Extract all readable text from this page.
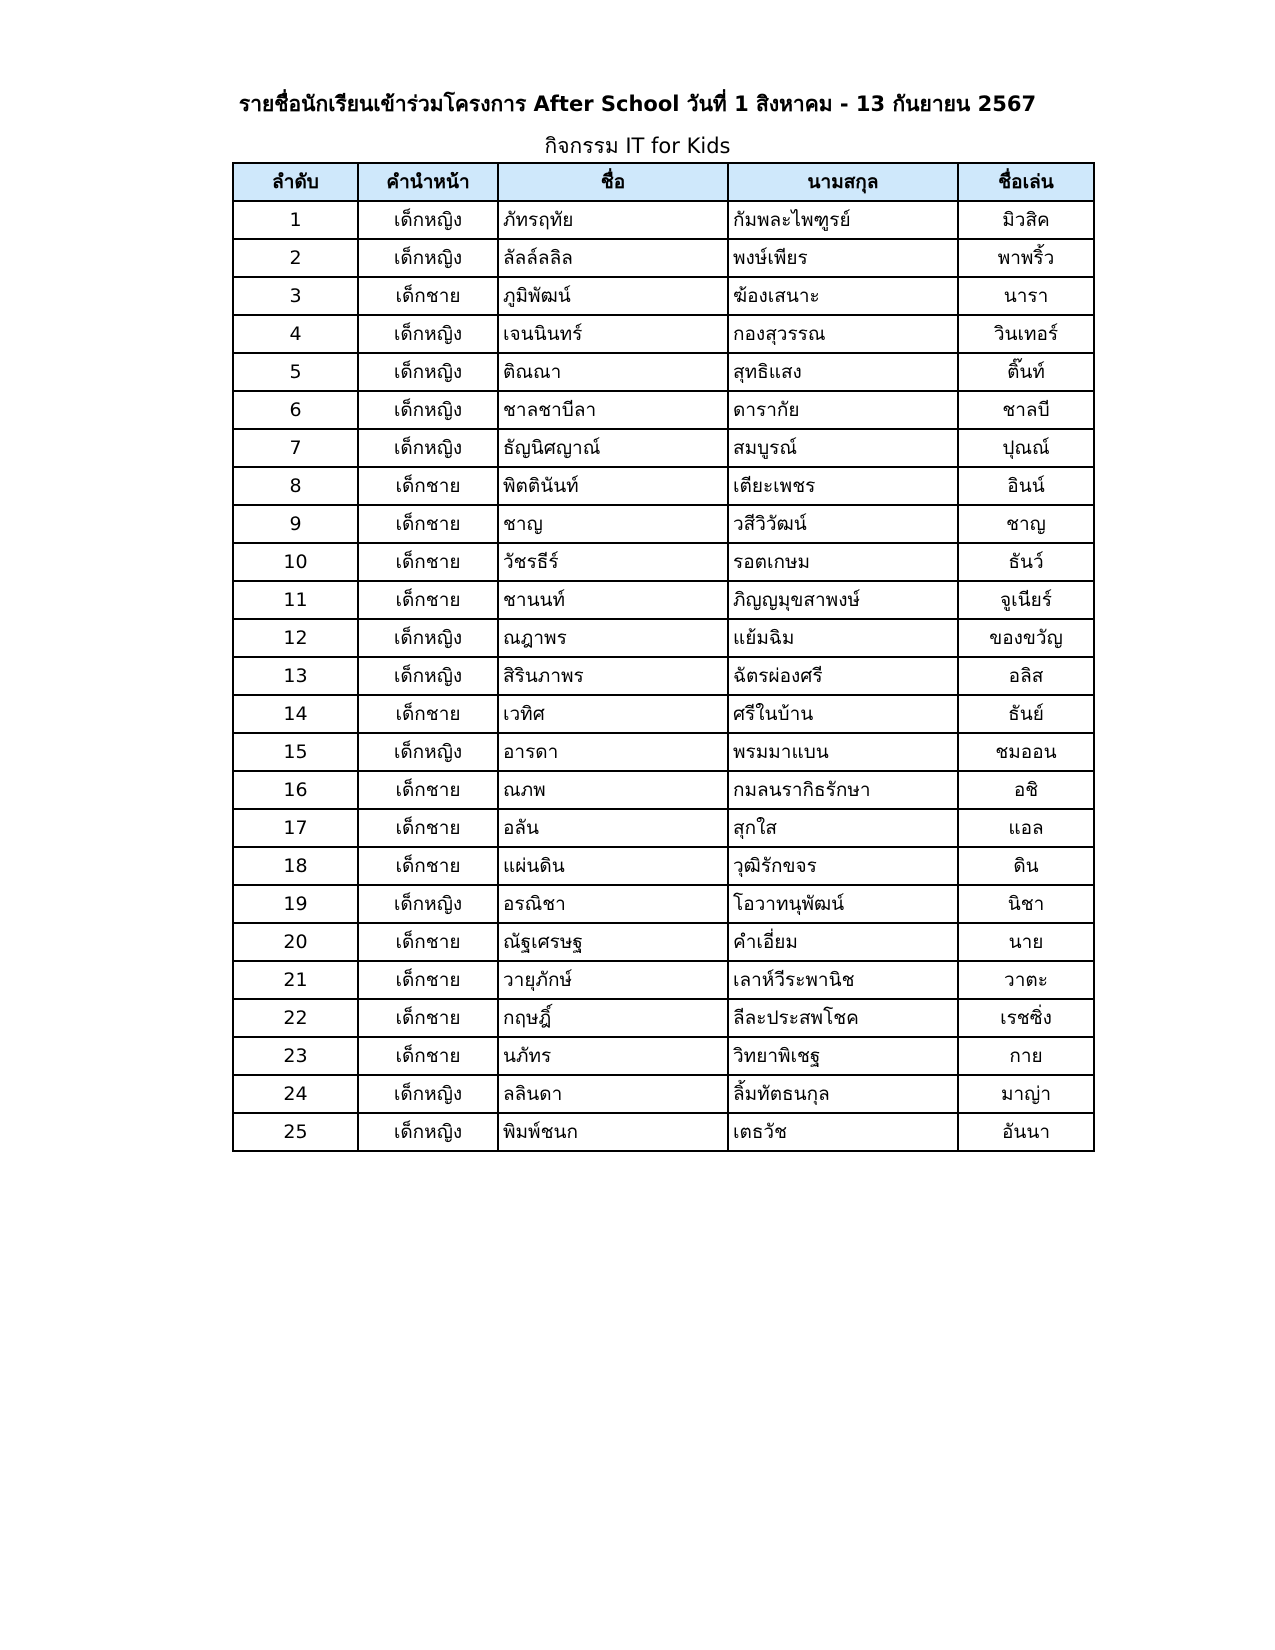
รายชื่อนักเรียนเข้าร่วมโครงการ After School วันที่ 1 สิงหาคม - 13 กันยายน 2567
กิจกรรม IT for Kids
ลำดับ	คำนำหน้า	ชื่อ	นามสกุล	ชื่อเล่น
1	เด็กหญิง	ภัทรฤทัย	กัมพละไพฑูรย์	มิวสิค
2	เด็กหญิง	ลัลล์ลลิล	พงษ์เพียร	พาพริ้ว
3	เด็กชาย	ภูมิพัฒน์	ฆ้องเสนาะ	นารา
4	เด็กหญิง	เจนนินทร์	กองสุวรรณ	วินเทอร์
5	เด็กหญิง	ติณณา	สุทธิแสง	ติ๊นท์
6	เด็กหญิง	ชาลชาบีลา	ดารากัย	ชาลบี
7	เด็กหญิง	ธัญนิศญาณ์	สมบูรณ์	ปุณณ์
8	เด็กชาย	พิตตินันท์	เตียะเพชร	อินน์
9	เด็กชาย	ชาญ	วสีวิวัฒน์	ชาญ
10	เด็กชาย	วัชรธีร์	รอตเกษม	ธันว์
11	เด็กชาย	ชานนท์	ภิญญมุขสาพงษ์	จูเนียร์
12	เด็กหญิง	ณฎาพร	แย้มฉิม	ของขวัญ
13	เด็กหญิง	สิรินภาพร	ฉัตรผ่องศรี	อลิส
14	เด็กชาย	เวทิศ	ศรีในบ้าน	ธันย์
15	เด็กหญิง	อารดา	พรมมาแบน	ชมออน
16	เด็กชาย	ณภพ	กมลนรากิธรักษา	อชิ
17	เด็กชาย	อลัน	สุกใส	แอล
18	เด็กชาย	แผ่นดิน	วุฒิรักขจร	ดิน
19	เด็กหญิง	อรณิชา	โอวาทนุพัฒน์	นิชา
20	เด็กชาย	ณัฐเศรษฐ	คำเอี่ยม	นาย
21	เด็กชาย	วายุภักษ์	เลาห์วีระพานิช	วาตะ
22	เด็กชาย	กฤษฎิ์	ลีละประสพโชค	เรชซิ่ง
23	เด็กชาย	นภัทร	วิทยาพิเชฐ	กาย
24	เด็กหญิง	ลลินดา	ลิ้มทัตธนกุล	มาญ่า
25	เด็กหญิง	พิมพ์ชนก	เตธวัช	อันนา
